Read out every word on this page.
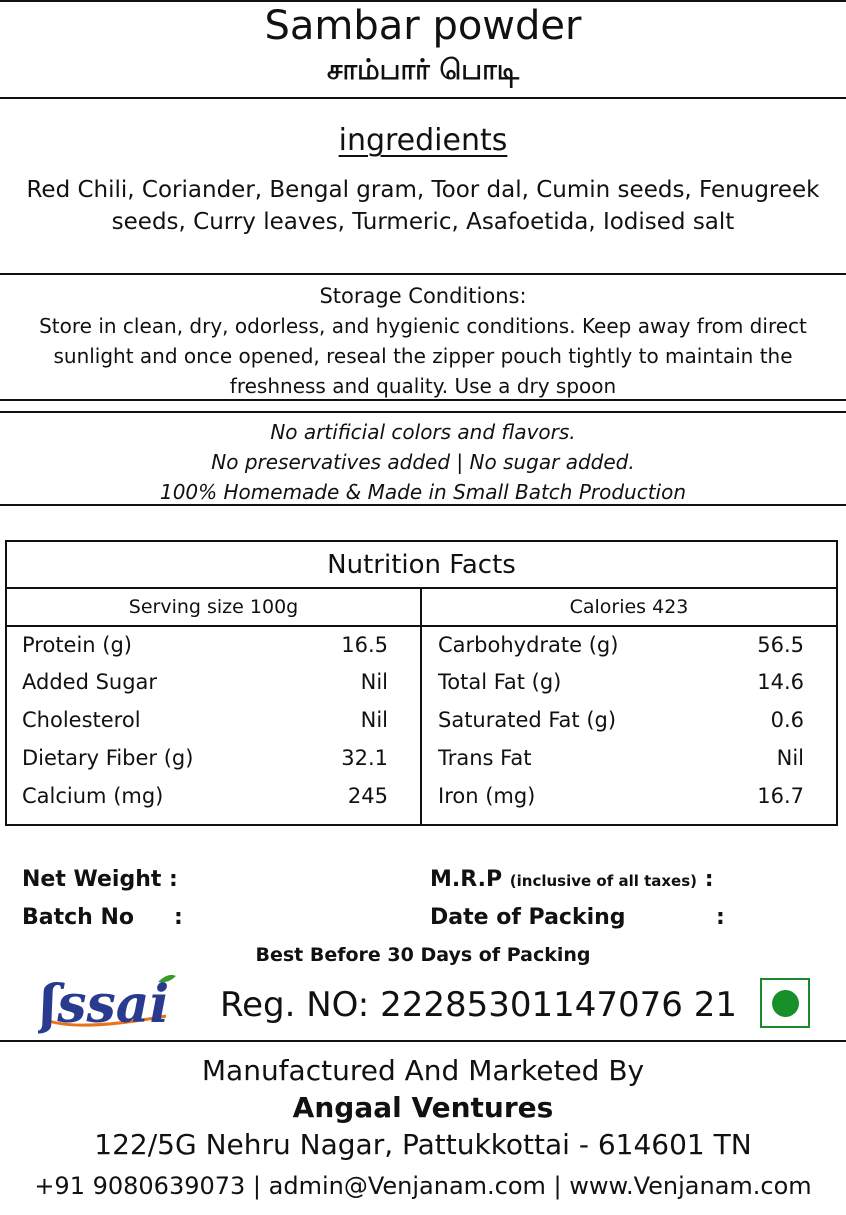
Sambar powder
சாம்பார் பொடி
ingredients
Red Chili, Coriander, Bengal gram, Toor dal, Cumin seeds, Fenugreek seeds, Curry leaves, Turmeric, Asafoetida, Iodised salt
Storage Conditions:
Store in clean, dry, odorless, and hygienic conditions. Keep away from direct sunlight and once opened, reseal the zipper pouch tightly to maintain the freshness and quality. Use a dry spoon
No artificial colors and flavors.
No preservatives added | No sugar added.
100% Homemade & Made in Small Batch Production
Nutrition Facts
Serving size 100g	Calories 423
Protein (g)	16.5
Added Sugar	Nil
Cholesterol	Nil
Dietary Fiber (g)	32.1
Calcium (mg)	245
Carbohydrate (g)	56.5
Total Fat (g)	14.6
Saturated Fat (g)	0.6
Trans Fat	Nil
Iron (mg)	16.7
Net Weight :
Batch No :
M.R.P (inclusive of all taxes) :
Date of Packing	:
Best Before 30 Days of Packing
ʃssai Reg. NO: 22285301147076 21
Manufactured And Marketed By
Angaal Ventures
122/5G Nehru Nagar, Pattukkottai - 614601 TN
+91 9080639073 | admin@Venjanam.com | www.Venjanam.com
